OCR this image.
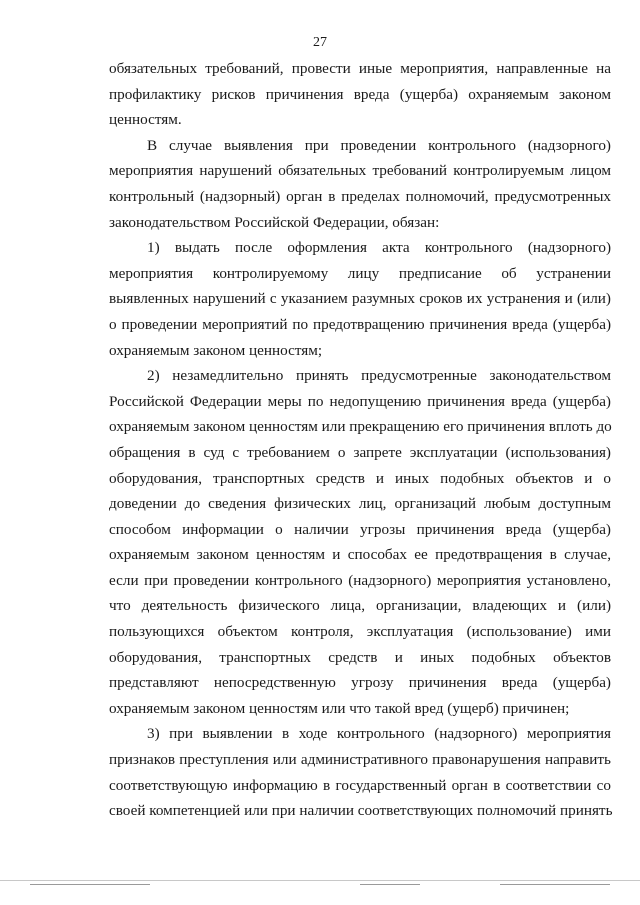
27
обязательных требований, провести иные мероприятия, направленные на
профилактику рисков причинения вреда (ущерба) охраняемым законом
ценностям.
В случае выявления при проведении контрольного (надзорного)
мероприятия нарушений обязательных требований контролируемым лицом
контрольный (надзорный) орган в пределах полномочий, предусмотренных
законодательством Российской Федерации, обязан:
1) выдать после оформления акта контрольного (надзорного)
мероприятия контролируемому лицу предписание об устранении
выявленных нарушений с указанием разумных сроков их устранения и (или)
о проведении мероприятий по предотвращению причинения вреда (ущерба)
охраняемым законом ценностям;
2) незамедлительно принять предусмотренные законодательством
Российской Федерации меры по недопущению причинения вреда (ущерба)
охраняемым законом ценностям или прекращению его причинения вплоть до
обращения в суд с требованием о запрете эксплуатации (использования)
оборудования, транспортных средств и иных подобных объектов и о
доведении до сведения физических лиц, организаций любым доступным
способом информации о наличии угрозы причинения вреда (ущерба)
охраняемым законом ценностям и способах ее предотвращения в случае,
если при проведении контрольного (надзорного) мероприятия установлено,
что деятельность физического лица, организации, владеющих и (или)
пользующихся объектом контроля, эксплуатация (использование) ими
оборудования, транспортных средств и иных подобных объектов
представляют непосредственную угрозу причинения вреда (ущерба)
охраняемым законом ценностям или что такой вред (ущерб) причинен;
3) при выявлении в ходе контрольного (надзорного) мероприятия
признаков преступления или административного правонарушения направить
соответствующую информацию в государственный орган в соответствии со
своей компетенцией или при наличии соответствующих полномочий принять
